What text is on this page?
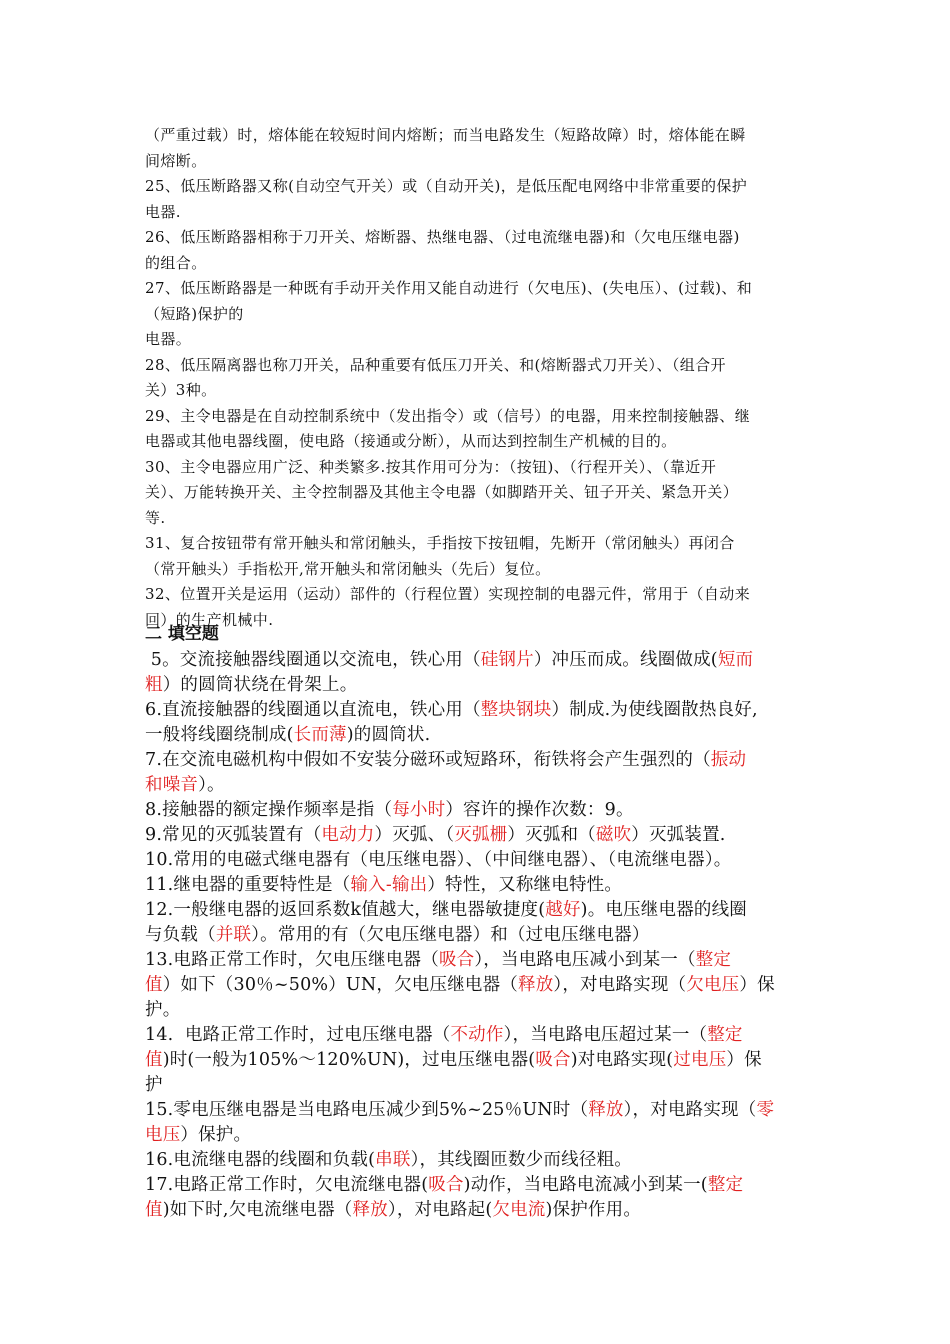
（严重过载）时，熔体能在较短时间内熔断；而当电路发生（短路故障）时，熔体能在瞬
间熔断。
25、低压断路器又称(自动空气开关）或（自动开关)，是低压配电网络中非常重要的保护
电器.
26、低压断路器相称于刀开关、熔断器、热继电器、（过电流继电器)和（欠电压继电器)
的组合。
27、低压断路器是一种既有手动开关作用又能自动进行（欠电压)、(失电压）、(过载)、和
（短路)保护的
电器。
28、低压隔离器也称刀开关，品种重要有低压刀开关、和(熔断器式刀开关）、（组合开
关）3种。
29、主令电器是在自动控制系统中（发出指令）或（信号）的电器，用来控制接触器、继
电器或其他电器线圈，使电路（接通或分断），从而达到控制生产机械的目的。
30、主令电器应用广泛、种类繁多.按其作用可分为：（按钮)、（行程开关）、（靠近开
关）、万能转换开关、主令控制器及其他主令电器（如脚踏开关、钮子开关、紧急开关）
等.
31、复合按钮带有常开触头和常闭触头，手指按下按钮帽，先断开（常闭触头）再闭合
（常开触头）手指松开,常开触头和常闭触头（先后）复位。
32、位置开关是运用（运动）部件的（行程位置）实现控制的电器元件，常用于（自动来
回）的生产机械中.
二 填空题
5。交流接触器线圈通以交流电，铁心用（硅钢片）冲压而成。线圈做成(短而
粗）的圆筒状绕在骨架上。
6.直流接触器的线圈通以直流电，铁心用（整块钢块）制成.为使线圈散热良好,
一般将线圈绕制成(长而薄)的圆筒状.
7.在交流电磁机构中假如不安装分磁环或短路环，衔铁将会产生强烈的（振动
和噪音）。
8.接触器的额定操作频率是指（每小时）容许的操作次数：9。
9.常见的灭弧装置有（电动力）灭弧、（灭弧栅）灭弧和（磁吹）灭弧装置.
10.常用的电磁式继电器有（电压继电器）、（中间继电器）、（电流继电器）。
11.继电器的重要特性是（输入-输出）特性，又称继电特性。
12.一般继电器的返回系数k值越大，继电器敏捷度(越好)。电压继电器的线圈
与负载（并联）。常用的有（欠电压继电器）和（过电压继电器）
13.电路正常工作时，欠电压继电器（吸合），当电路电压减小到某一（整定
值）如下（30％~50%）UN，欠电压继电器（释放），对电路实现（欠电压）保
护。
14.  电路正常工作时，过电压继电器（不动作），当电路电压超过某一（整定
值)时(一般为105%～120%UN)，过电压继电器(吸合)对电路实现(过电压）保
护
15.零电压继电器是当电路电压减少到5%~25％UN时（释放），对电路实现（零
电压）保护。
16.电流继电器的线圈和负载(串联），其线圈匝数少而线径粗。
17.电路正常工作时，欠电流继电器(吸合)动作，当电路电流减小到某一(整定
值)如下时,欠电流继电器（释放），对电路起(欠电流)保护作用。
